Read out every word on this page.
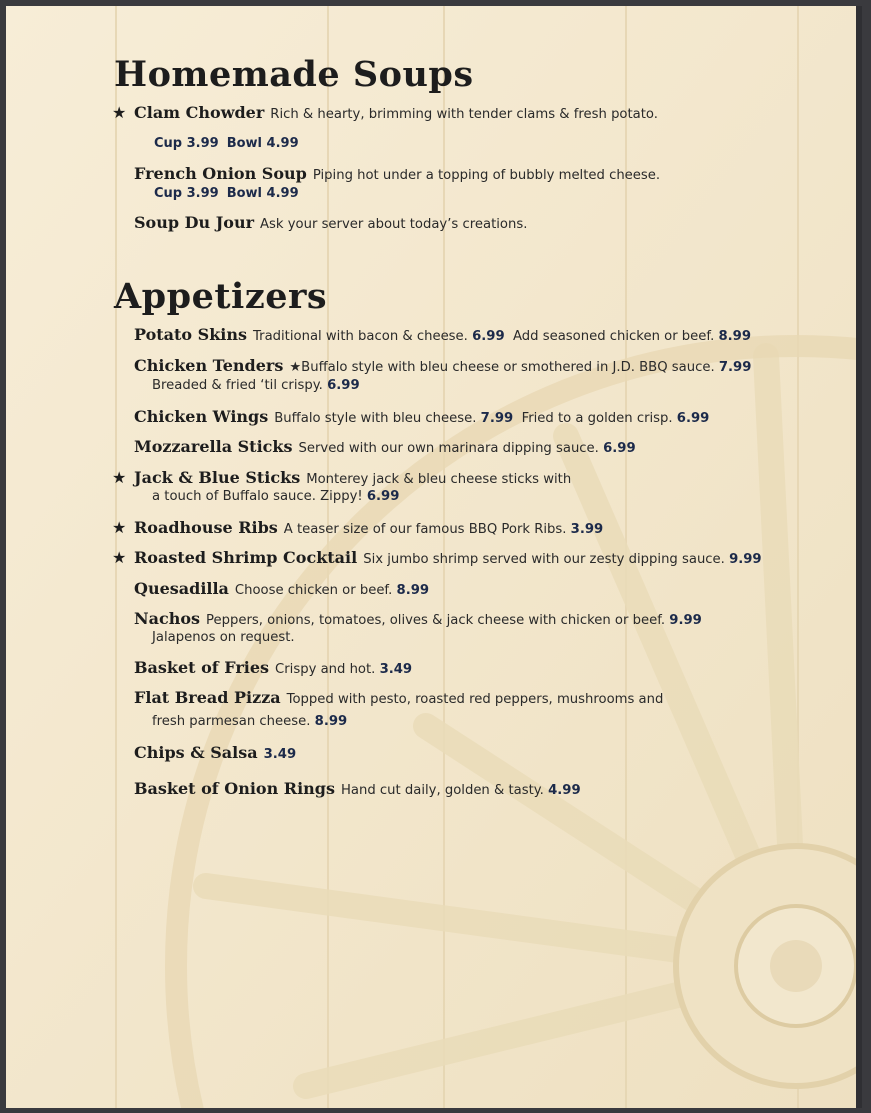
Homemade Soups
★ Clam Chowder Rich & hearty, brimming with tender clams & fresh potato.
Cup 3.99 Bowl 4.99
French Onion Soup Piping hot under a topping of bubbly melted cheese.
Cup 3.99 Bowl 4.99
Soup Du Jour Ask your server about today’s creations.
Appetizers
Potato Skins Traditional with bacon & cheese. 6.99 Add seasoned chicken or beef. 8.99
Chicken Tenders ★Buffalo style with bleu cheese or smothered in J.D. BBQ sauce. 7.99
Breaded & fried ‘til crispy. 6.99
Chicken Wings Buffalo style with bleu cheese. 7.99 Fried to a golden crisp. 6.99
Mozzarella Sticks Served with our own marinara dipping sauce. 6.99
★ Jack & Blue Sticks Monterey jack & bleu cheese sticks with
a touch of Buffalo sauce. Zippy! 6.99
★ Roadhouse Ribs A teaser size of our famous BBQ Pork Ribs. 3.99
★ Roasted Shrimp Cocktail Six jumbo shrimp served with our zesty dipping sauce. 9.99
Quesadilla Choose chicken or beef. 8.99
Nachos Peppers, onions, tomatoes, olives & jack cheese with chicken or beef. 9.99
Jalapenos on request.
Basket of Fries Crispy and hot. 3.49
Flat Bread Pizza Topped with pesto, roasted red peppers, mushrooms and
fresh parmesan cheese. 8.99
Chips & Salsa 3.49
Basket of Onion Rings Hand cut daily, golden & tasty. 4.99
